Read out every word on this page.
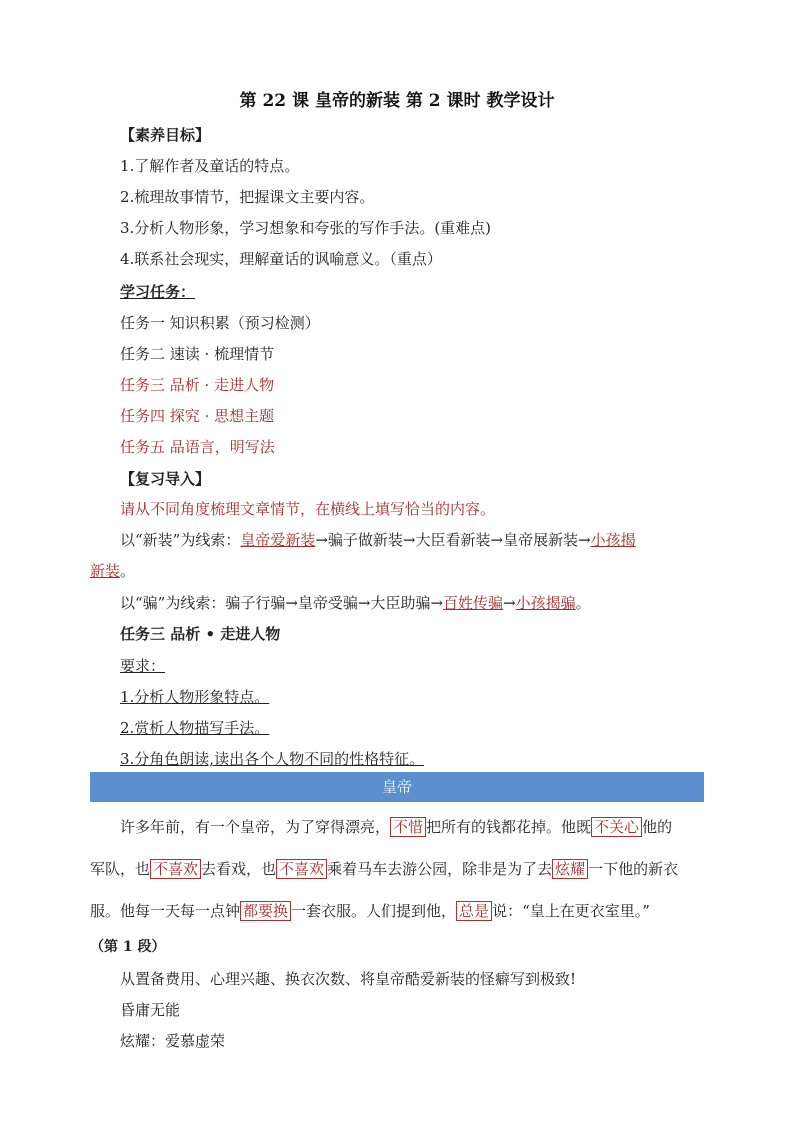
第 22 课 皇帝的新装 第 2 课时 教学设计
【素养目标】
1.了解作者及童话的特点。
2.梳理故事情节，把握课文主要内容。
3.分析人物形象，学习想象和夸张的写作手法。(重难点)
4.联系社会现实，理解童话的讽喻意义。（重点）
学习任务：
任务一 知识积累（预习检测）
任务二 速读 · 梳理情节
任务三 品析 · 走进人物
任务四 探究 · 思想主题
任务五 品语言，明写法
【复习导入】
请从不同角度梳理文章情节，在横线上填写恰当的内容。
以“新装”为线索：皇帝爱新装→骗子做新装→大臣看新装→皇帝展新装→小孩揭
新装。
以“骗”为线索：骗子行骗→皇帝受骗→大臣助骗→百姓传骗→小孩揭骗。
任务三 品析 • 走进人物
要求：
1.分析人物形象特点。
2.赏析人物描写手法。
3.分角色朗读,读出各个人物不同的性格特征。
皇帝
许多年前，有一个皇帝，为了穿得漂亮， 不惜 把所有的钱都花掉。他既 不关心 他的
军队，也 不喜欢 去看戏，也 不喜欢 乘着马车去游公园，除非是为了去 炫耀 一下他的新衣
服。他每一天每一点钟 都要换 一套衣服。人们提到他， 总是 说：“皇上在更衣室里。”
（第 1 段）
从置备费用、心理兴趣、换衣次数、将皇帝酷爱新装的怪癖写到极致!
昏庸无能
炫耀：爱慕虚荣
